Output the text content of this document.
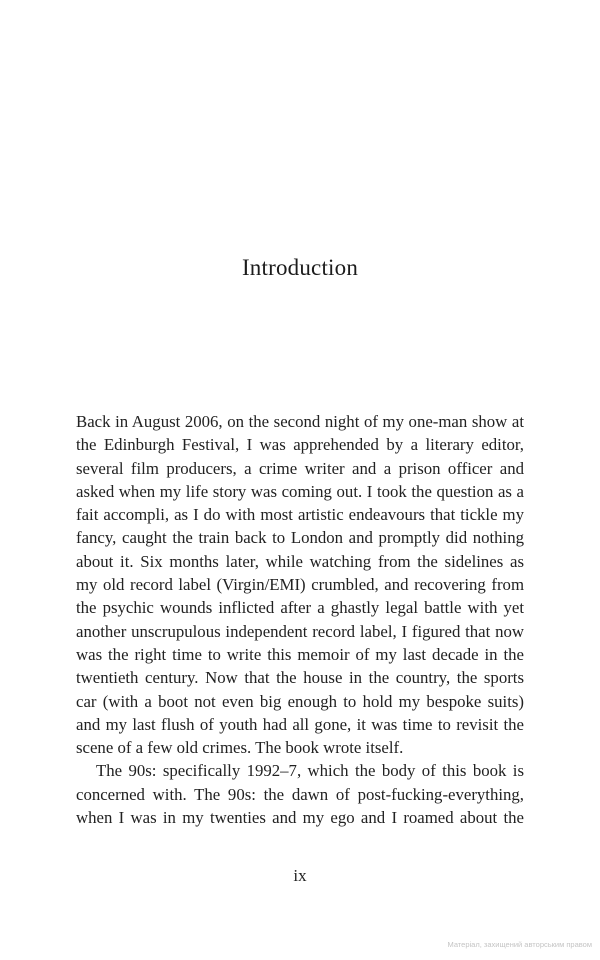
Introduction

Back in August 2006, on the second night of my one-man show at the Edinburgh Festival, I was apprehended by a literary editor, several film producers, a crime writer and a prison officer and asked when my life story was coming out. I took the question as a fait accompli, as I do with most artistic endeavours that tickle my fancy, caught the train back to London and promptly did nothing about it. Six months later, while watching from the sidelines as my old record label (Virgin/EMI) crumbled, and recovering from the psychic wounds inflicted after a ghastly legal battle with yet another unscrupulous independent record label, I figured that now was the right time to write this memoir of my last decade in the twentieth century. Now that the house in the country, the sports car (with a boot not even big enough to hold my bespoke suits) and my last flush of youth had all gone, it was time to revisit the scene of a few old crimes. The book wrote itself.

The 90s: specifically 1992–7, which the body of this book is concerned with. The 90s: the dawn of post-fucking-everything, when I was in my twenties and my ego and I roamed about the

ix
Матеріал, захищений авторським правом
